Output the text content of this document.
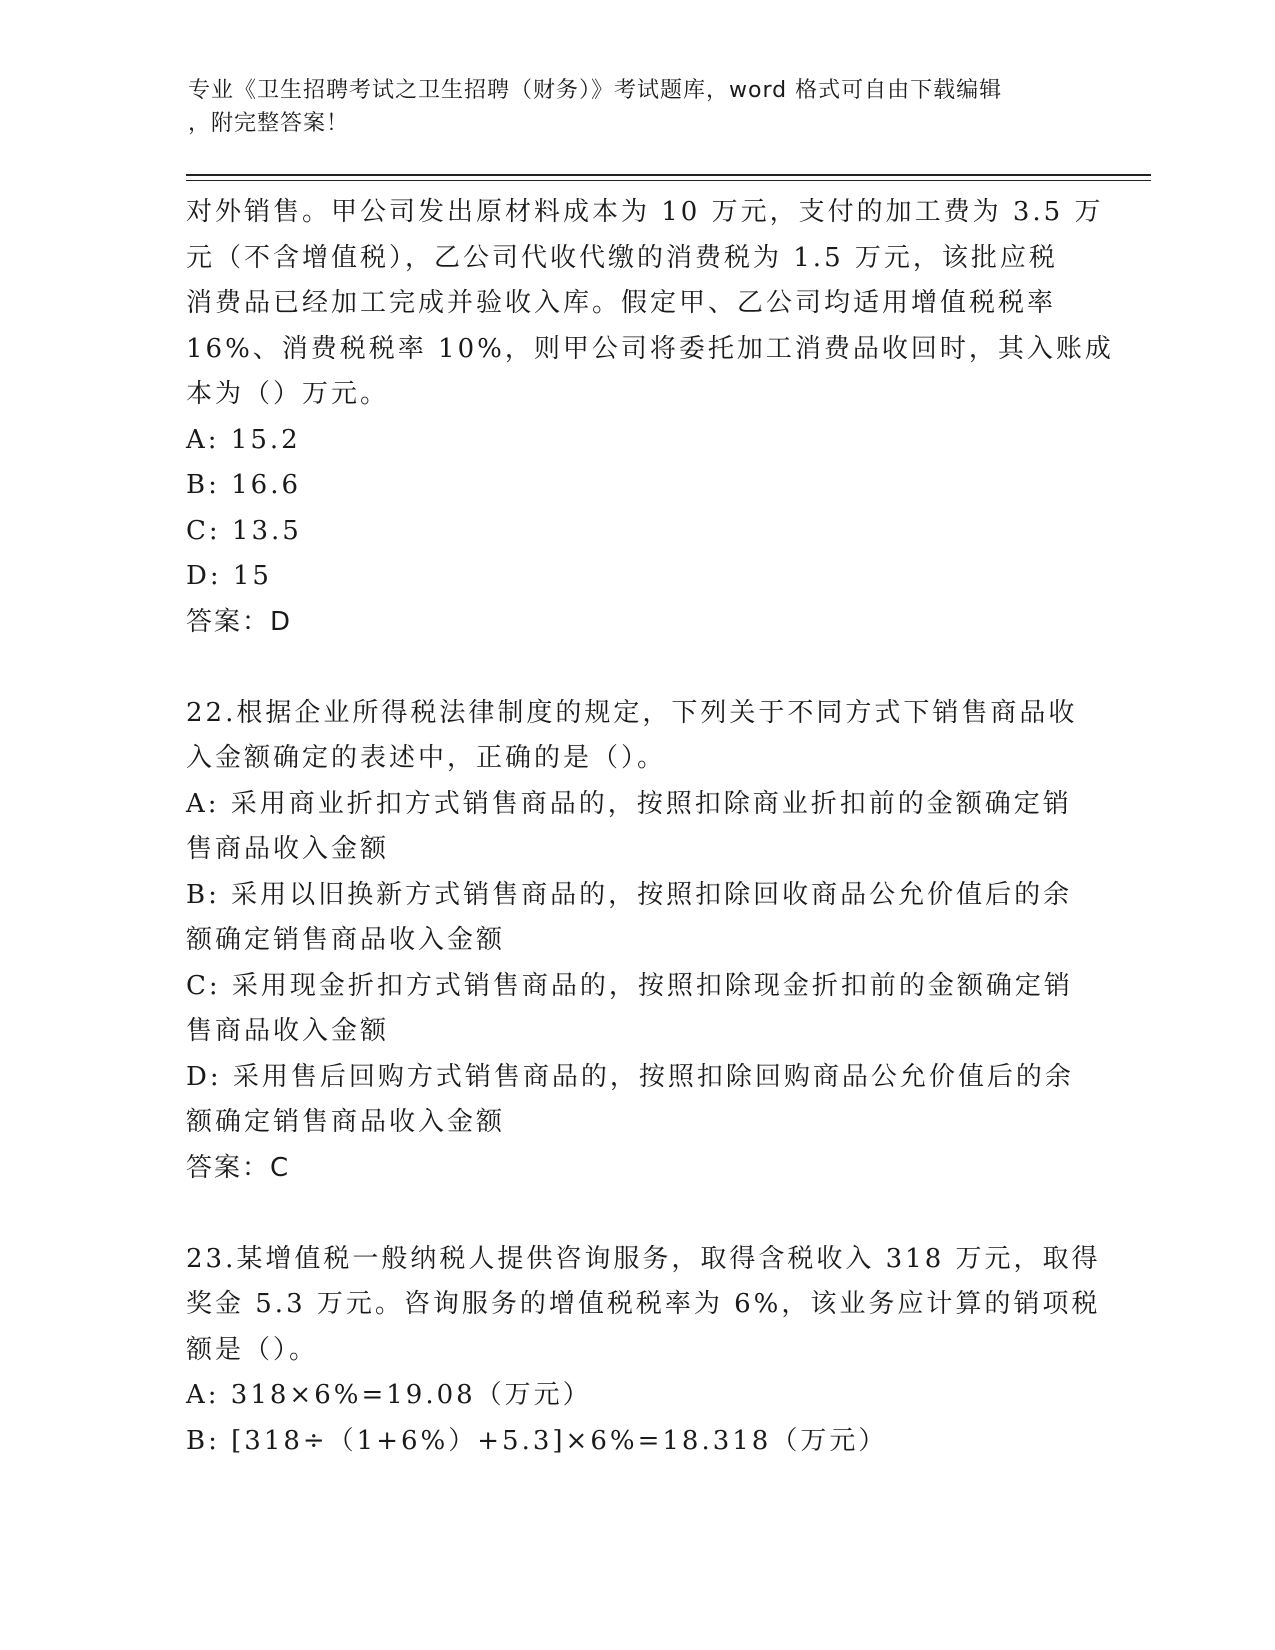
专业《卫生招聘考试之卫生招聘（财务）》考试题库，word 格式可自由下载编辑
，附完整答案！
对外销售。甲公司发出原材料成本为 10 万元，支付的加工费为 3.5 万
元（不含增值税），乙公司代收代缴的消费税为 1.5 万元，该批应税
消费品已经加工完成并验收入库。假定甲、乙公司均适用增值税税率
16%、消费税税率 10%，则甲公司将委托加工消费品收回时，其入账成
本为（）万元。
A: 15.2
B: 16.6
C: 13.5
D: 15
答案：D
22.根据企业所得税法律制度的规定，下列关于不同方式下销售商品收
入金额确定的表述中，正确的是（）。
A: 采用商业折扣方式销售商品的，按照扣除商业折扣前的金额确定销
售商品收入金额
B: 采用以旧换新方式销售商品的，按照扣除回收商品公允价值后的余
额确定销售商品收入金额
C: 采用现金折扣方式销售商品的，按照扣除现金折扣前的金额确定销
售商品收入金额
D: 采用售后回购方式销售商品的，按照扣除回购商品公允价值后的余
额确定销售商品收入金额
答案：C
23.某增值税一般纳税人提供咨询服务，取得含税收入 318 万元，取得
奖金 5.3 万元。咨询服务的增值税税率为 6%，该业务应计算的销项税
额是（）。
A: 318×6%=19.08（万元）
B: [318÷（1+6%）+5.3]×6%=18.318（万元）
